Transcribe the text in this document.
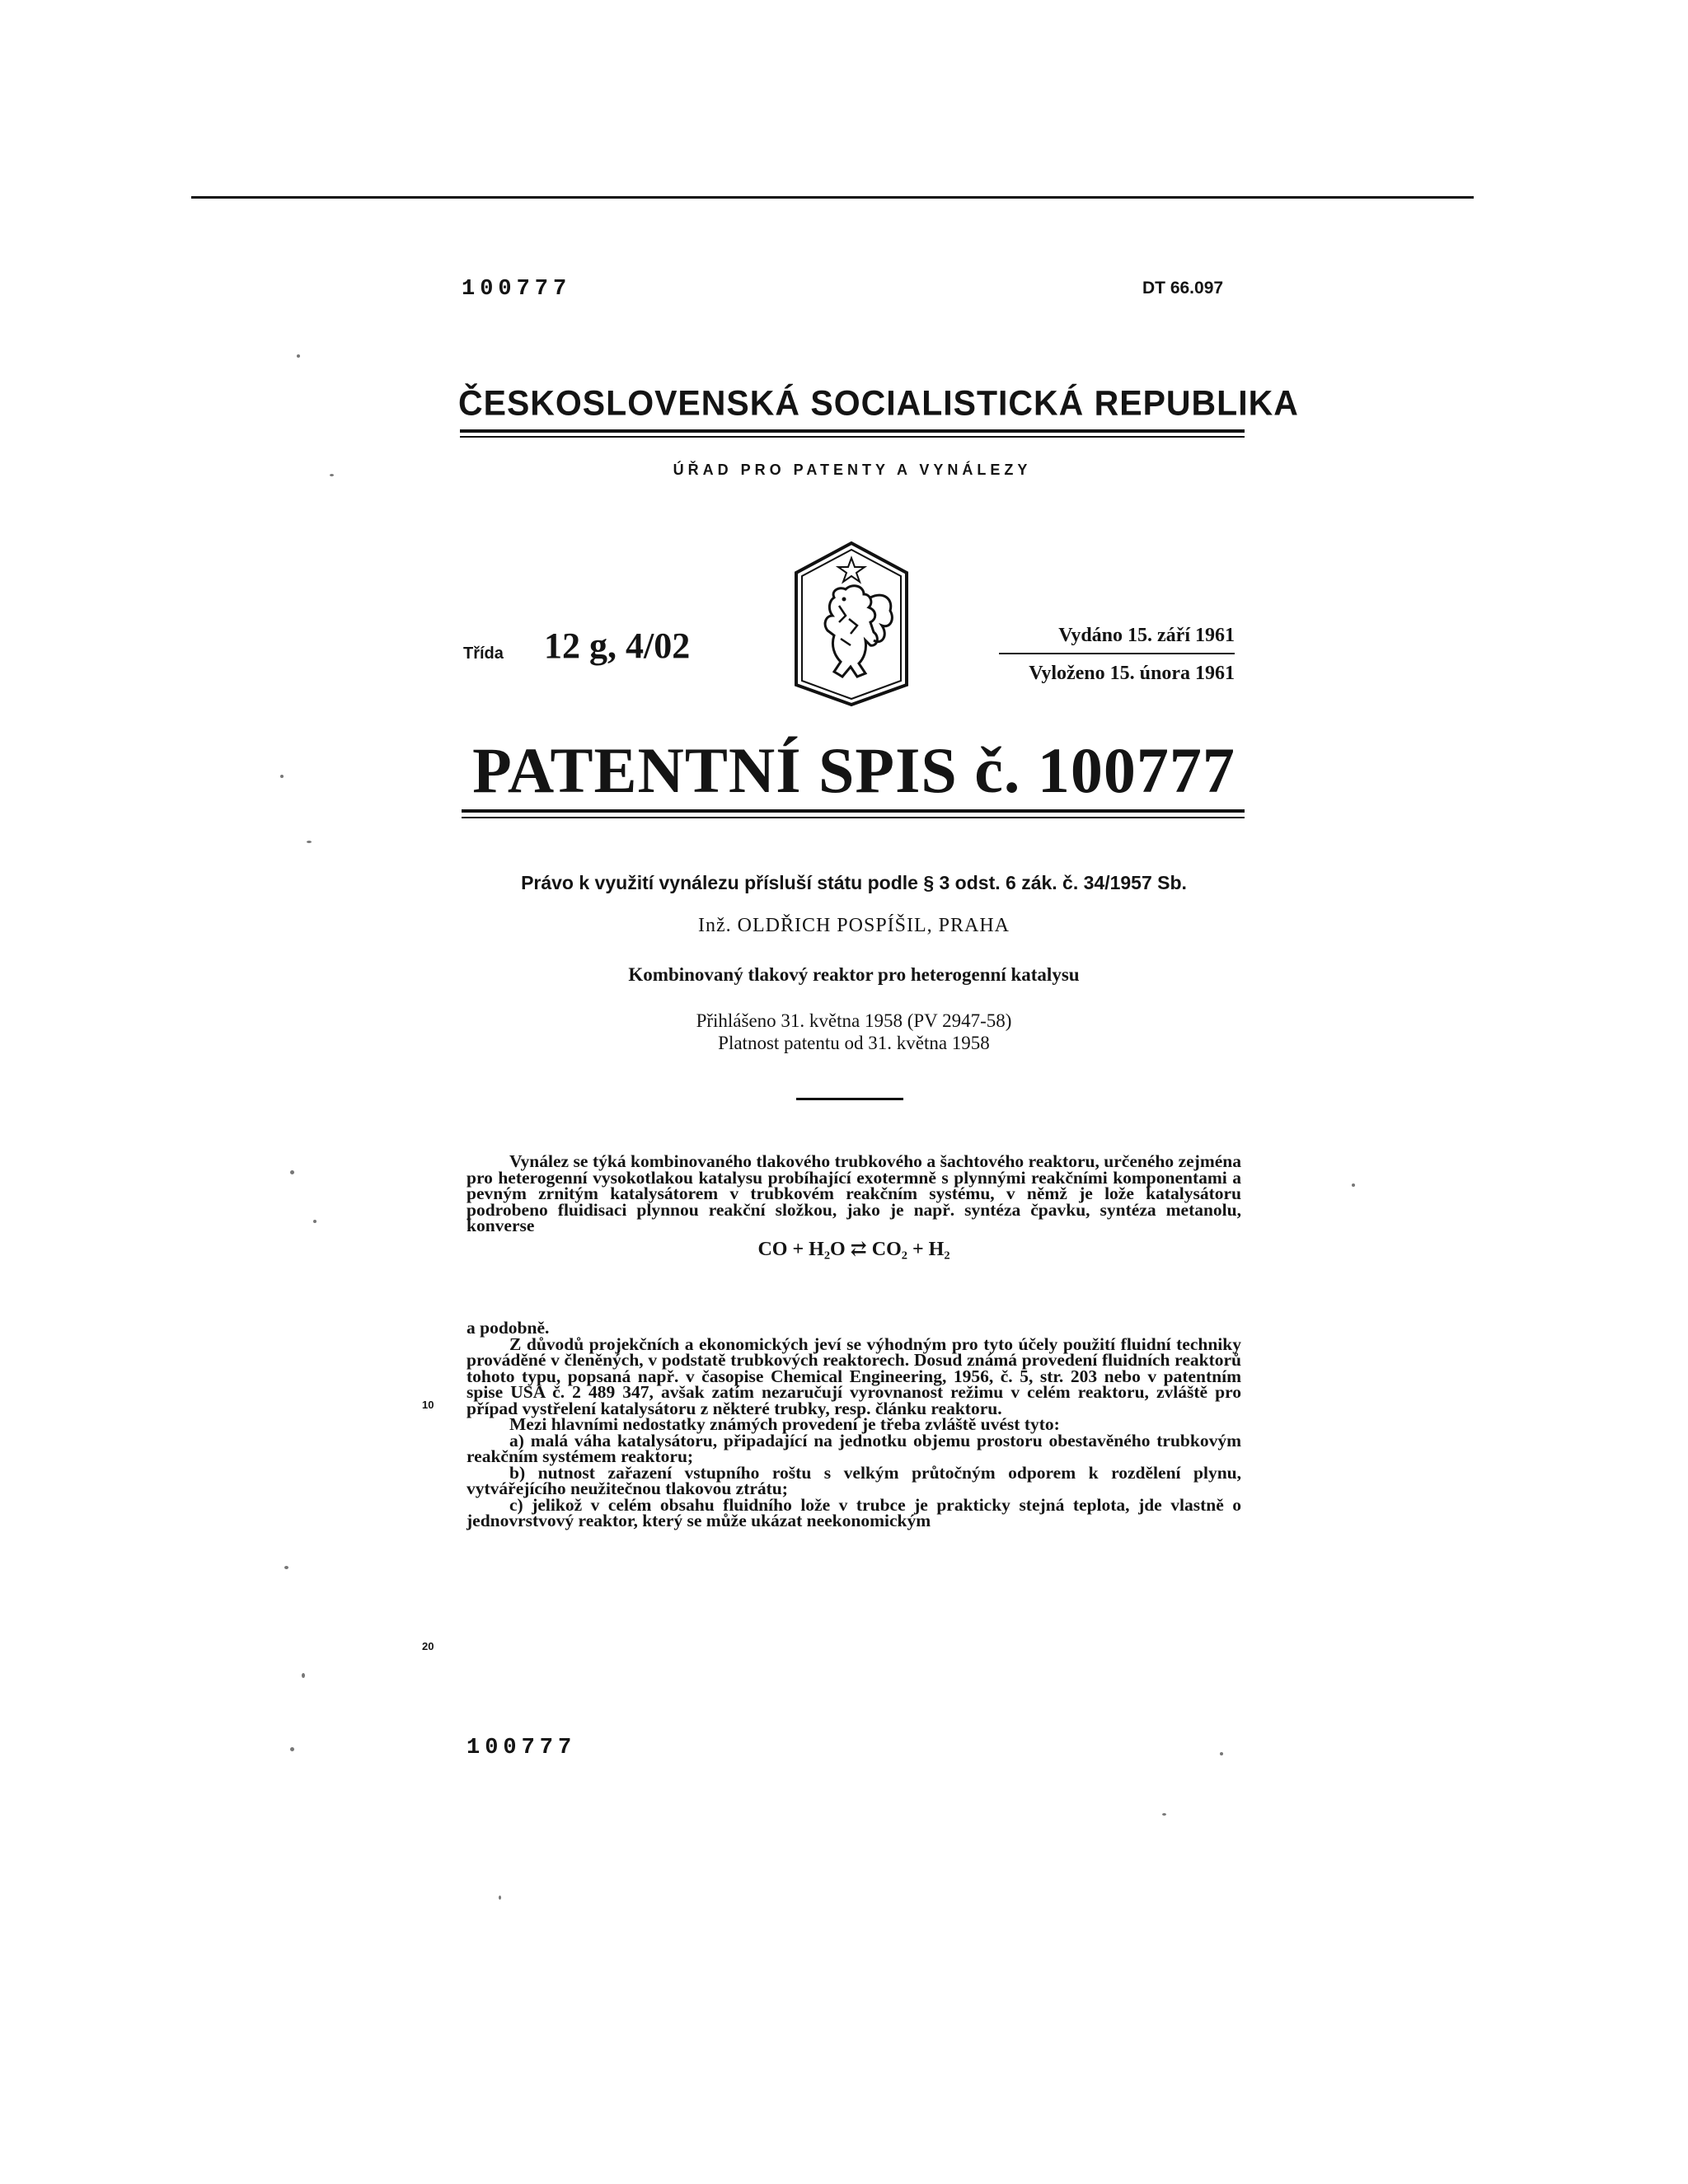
100777	DT 66.097
ČESKOSLOVENSKÁ SOCIALISTICKÁ REPUBLIKA
ÚŘAD PRO PATENTY A VYNÁLEZY
Třída 12 g, 4/02	Vydáno 15. září 1961
Vyloženo 15. února 1961
PATENTNÍ SPIS č. 100777
Právo k využití vynálezu přísluší státu podle § 3 odst. 6 zák. č. 34/1957 Sb.
Inž. OLDŘICH POSPÍŠIL, PRAHA
Kombinovaný tlakový reaktor pro heterogenní katalysu
Přihlášeno 31. května 1958 (PV 2947-58)
Platnost patentu od 31. května 1958

Vynález se týká kombinovaného tlakového trubkového a šachtového reaktoru, určeného zejména pro heterogenní vysokotlakou katalysu probíhající exotermně s plynnými reakčními komponentami a pevným zrnitým katalysátorem v trubkovém reakčním systému, v němž je lože katalysátoru podrobeno fluidisaci plynnou reakční složkou, jako je např. syntéza čpavku, syntéza metanolu, konverse

CO + H₂O ⇄ CO₂ + H₂

a podobně.

Z důvodů projekčních a ekonomických jeví se výhodným pro tyto účely použití fluidní techniky prováděné v členěných, v podstatě trubkových reaktorech. Dosud známá provedení fluidních reaktorů tohoto typu, popsaná např. v časopise Chemical Engineering, 1956, č. 5, str. 203 nebo v patentním spise USA č. 2 489 347, avšak zatím nezaručují vyrovnanost režimu v celém reaktoru, zvláště pro případ vystřelení katalysátoru z některé trubky, resp. článku reaktoru.

Mezi hlavními nedostatky známých provedení je třeba zvláště uvést tyto:

a) malá váha katalysátoru, připadající na jednotku objemu prostoru obestavěného trubkovým reakčním systémem reaktoru;

b) nutnost zařazení vstupního roštu s velkým průtočným odporem k rozdělení plynu, vytvářejícího neužitečnou tlakovou ztrátu;

c) jelikož v celém obsahu fluidního lože v trubce je prakticky stejná teplota, jde vlastně o jednovrstvový reaktor, který se může ukázat neekonomickým

10
20
100777
